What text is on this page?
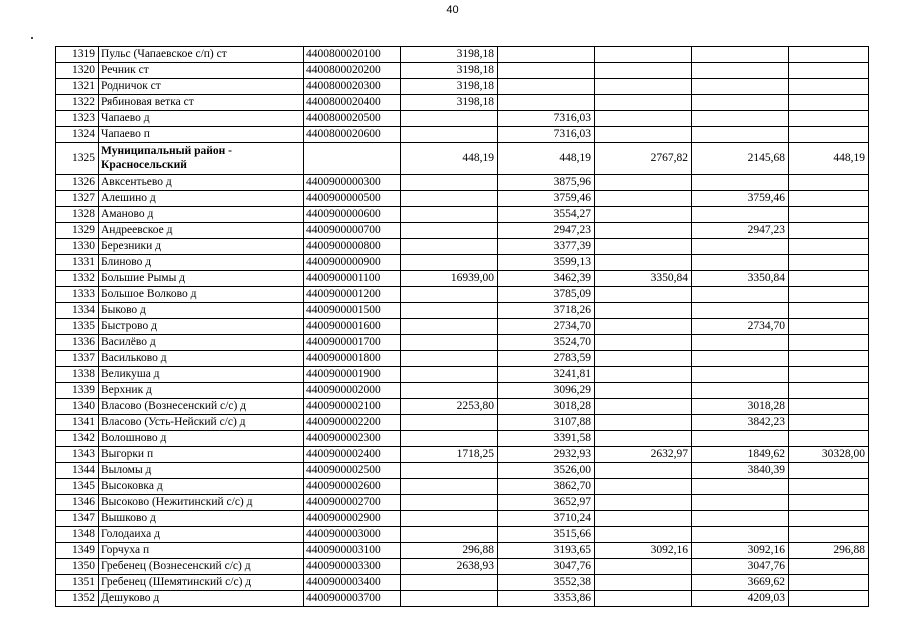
40
1319	Пульс (Чапаевское с/п) ст	4400800020100	3198,18				
1320	Речник ст	4400800020200	3198,18				
1321	Родничок ст	4400800020300	3198,18				
1322	Рябиновая ветка ст	4400800020400	3198,18				
1323	Чапаево д	4400800020500		7316,03			
1324	Чапаево п	4400800020600		7316,03			
1325	Муниципальный район - Красносельский		448,19	448,19	2767,82	2145,68	448,19
1326	Авксентьево д	4400900000300		3875,96			
1327	Алешино д	4400900000500		3759,46		3759,46	
1328	Аманово д	4400900000600		3554,27			
1329	Андреевское д	4400900000700		2947,23		2947,23	
1330	Березники д	4400900000800		3377,39			
1331	Блиново д	4400900000900		3599,13			
1332	Большие Рымы д	4400900001100	16939,00	3462,39	3350,84	3350,84	
1333	Большое Волково д	4400900001200		3785,09			
1334	Быково д	4400900001500		3718,26			
1335	Быстрово д	4400900001600		2734,70		2734,70	
1336	Василёво д	4400900001700		3524,70			
1337	Васильково д	4400900001800		2783,59			
1338	Великуша д	4400900001900		3241,81			
1339	Верхник д	4400900002000		3096,29			
1340	Власово (Вознесенский с/с) д	4400900002100	2253,80	3018,28		3018,28	
1341	Власово (Усть-Нейский с/с) д	4400900002200		3107,88		3842,23	
1342	Волошново д	4400900002300		3391,58			
1343	Выгорки п	4400900002400	1718,25	2932,93	2632,97	1849,62	30328,00
1344	Выломы д	4400900002500		3526,00		3840,39	
1345	Высоковка д	4400900002600		3862,70			
1346	Высоково (Нежитинский с/с) д	4400900002700		3652,97			
1347	Вышково д	4400900002900		3710,24			
1348	Голодаиха д	4400900003000		3515,66			
1349	Горчуха п	4400900003100	296,88	3193,65	3092,16	3092,16	296,88
1350	Гребенец (Вознесенский с/с) д	4400900003300	2638,93	3047,76		3047,76	
1351	Гребенец (Шемятинский с/с) д	4400900003400		3552,38		3669,62	
1352	Дешуково д	4400900003700		3353,86		4209,03	
